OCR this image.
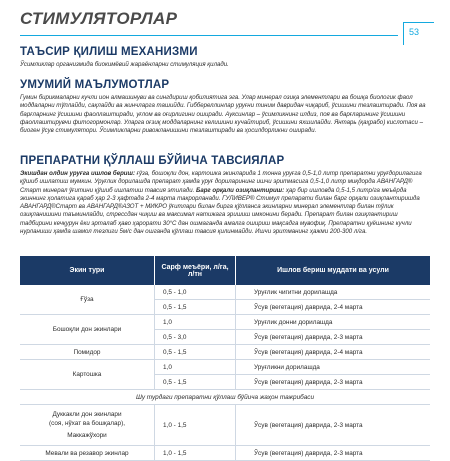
СТИМУЛЯТОРЛАР
53
ТАЪСИР ҚИЛИШ МЕХАНИЗМИ

Ўсимликлар организмида биокимёвий жараёнларни стимуляция қилади.

УМУМИЙ МАЪЛУМОТЛАР

Гумин бирикмаларни кучли ион алмашинуви ва сингдириш қобилиятига эга. Улар минерал озиқа элементлари ва бошқа биологик фаол моддаларни тўплайди, сақлайди ва жинчларга ташийди. Гиббереллинлар уруғни тиним давридан чиқариб, ўсишини тезлаштиради. Поя ва барғларнинг ўсишини фаоллаштиради, уғлом ва оғирлигини оширади. Ауксинлар – ўсимликнинг илдиз, поя ва барғларининг ўсишини фаоллаштирувчи фитогормонлар. Уларга оғзиқ моддаларнинг келишини кучайтириб, ўсишини яхшилайди. Янтарь (қаҳрабо) кислотаси – биоген ўсув стимулятори. Ўсимликларни ривожланишини тезлаштиради ва ҳосилдорликни оширади.

ПРЕПАРАТНИ ҚЎЛЛАШ БЎЙИЧА ТАВСИЯЛАР

Экишдан олдин уруғга ишлов бериш: ғўза, бошоқли дон, картошка экинларида 1 тонна уруғга 0,5-1,0 литр препаратни уруғдорилагига қўшиб ишлатиш мумкин. Уруғлик дорилашда препарат ҳамда уруғ дориларининг ишчи эритмасига 0,5-1,0 литр миқдорда АВАНГАРД® Старт минерал ўғитини қўшиб ишлатиш тавсия этилади. Барг орқали озиқлантириш: ҳар бир ишловда 0,5-1,5 литр/га меъёрда экиннинг ҳолатига қараб ҳар 2-3 ҳафтада 2-4 марта такрорланади. ГУЛИВЕР® Стимул препарати билан барг орқали озиқлантиришда АВАНГАРД®Старт ва АВАНГАРД®АЗОТ + МИКРО ўғитлари билан бирга қўлланса экинларни минерал элементлар билан тўлик озиқланишини таъминлайди, стрессдан чиқиш ва максимал натижага эришиш имконини беради. Препарат билан озиқлантириш тадбирини кечқурун ёки эрталаб ҳаво ҳарорати 30°С дан ошмаганда амалга ошириш мақсадга мувофиқ. Препаратни қуёшнинг кучли нурланиши ҳамда шамол тезлиги 5м/с дан ошганда қўллаш тавсия қилинмайди. Ишчи эритманинг ҳажми 200-300 л/га.

Экин тури	Сарф меъёри, л/га, л/тн	Ишлов бериш муддати ва усули
Ғўза	0,5 - 1,0	Уруғлик чигитни дорилашда
	0,5 - 1,5	Ўсув (вегетация) даврида, 2-4 марта
Бошоқли дон экинлари	1,0	Уруғлик донни дорилашда
	0,5 - 3,0	Ўсув (вегетация) даврида, 2-3 марта
Помидор	0,5 - 1,5	Ўсув (вегетация) даврида, 2-4 марта
Картошка	1,0	Уруғликни дорилашда
	0,5 - 1,5	Ўсув (вегетация) даврида, 2-3 марта
Шу турдаги препаратни қўллаш бўйича жаҳон тажрибаси		

Дуккакли дон экинлари
(соя, нўхат ва бошқалар),
Маккажўхори	1,0 - 1,5	Ўсув (вегетация) даврида, 2-3 марта
Мевали ва резавор экинлар	1,0 - 1,5	Ўсув (вегетация) даврида, 2-3 марта
